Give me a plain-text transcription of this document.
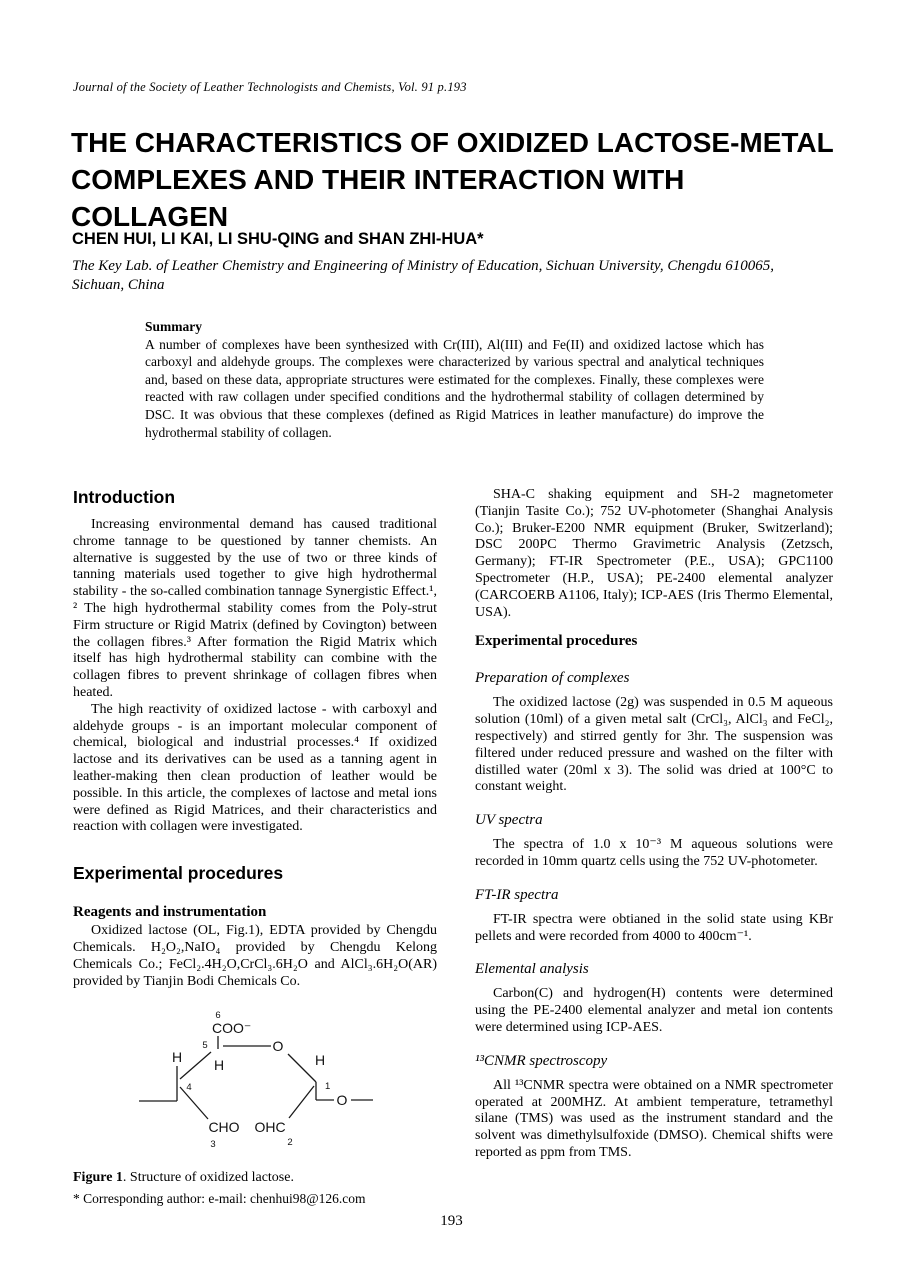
Journal of the Society of Leather Technologists and Chemists, Vol. 91 p.193
THE CHARACTERISTICS OF OXIDIZED LACTOSE-METAL COMPLEXES AND THEIR INTERACTION WITH COLLAGEN
CHEN HUI, LI KAI, LI SHU-QING and SHAN ZHI-HUA*
The Key Lab. of Leather Chemistry and Engineering of Ministry of Education, Sichuan University, Chengdu 610065, Sichuan, China
Summary
A number of complexes have been synthesized with Cr(III), Al(III) and Fe(II) and oxidized lactose which has carboxyl and aldehyde groups. The complexes were characterized by various spectral and analytical techniques and, based on these data, appropriate structures were estimated for the complexes. Finally, these complexes were reacted with raw collagen under specified conditions and the hydrothermal stability of collagen determined by DSC. It was obvious that these complexes (defined as Rigid Matrices in leather manufacture) do improve the hydrothermal stability of collagen.
Introduction

Increasing environmental demand has caused traditional chrome tannage to be questioned by tanner chemists. An alternative is suggested by the use of two or three kinds of tanning materials used together to give high hydrothermal stability - the so-called combination tannage Synergistic Effect.¹, ² The high hydrothermal stability comes from the Poly-strut Firm structure or Rigid Matrix (defined by Covington) between the collagen fibres.³ After formation the Rigid Matrix which itself has high hydrothermal stability can combine with the collagen fibres to prevent shrinkage of collagen fibres when heated.

The high reactivity of oxidized lactose - with carboxyl and aldehyde groups - is an important molecular component of chemical, biological and industrial processes.⁴ If oxidized lactose and its derivatives can be used as a tanning agent in leather-making then clean production of leather would be possible. In this article, the complexes of lactose and metal ions were defined as Rigid Matrices, and their characteristics and reaction with collagen were investigated.

Experimental procedures
Reagents and instrumentation

Oxidized lactose (OL, Fig.1), EDTA provided by Chengdu Chemicals. H₂O₂,NaIO₄ provided by Chengdu Kelong Chemicals Co.; FeCl₂.4H₂O,CrCl₃.6H₂O and AlCl₃.6H₂O(AR) provided by Tianjin Bodi Chemicals Co.

6
COO⁻
5
H
O
H
1
O
H
4
CHO
3
OHC
2

Figure 1. Structure of oxidized lactose.

* Corresponding author: e-mail: chenhui98@126.com

SHA-C shaking equipment and SH-2 magnetometer (Tianjin Tasite Co.); 752 UV-photometer (Shanghai Analysis Co.); Bruker-E200 NMR equipment (Bruker, Switzerland); DSC 200PC Thermo Gravimetric Analysis (Zetzsch, Germany); FT-IR Spectrometer (P.E., USA); GPC1100 Spectrometer (H.P., USA); PE-2400 elemental analyzer (CARCOERB A1106, Italy); ICP-AES (Iris Thermo Elemental, USA).

Experimental procedures
Preparation of complexes

The oxidized lactose (2g) was suspended in 0.5 M aqueous solution (10ml) of a given metal salt (CrCl₃, AlCl₃ and FeCl₂, respectively) and stirred gently for 3hr. The suspension was filtered under reduced pressure and washed on the filter with distilled water (20ml x 3). The solid was dried at 100°C to constant weight.

UV spectra

The spectra of 1.0 x 10⁻³ M aqueous solutions were recorded in 10mm quartz cells using the 752 UV-photometer.

FT-IR spectra

FT-IR spectra were obtianed in the solid state using KBr pellets and were recorded from 4000 to 400cm⁻¹.

Elemental analysis

Carbon(C) and hydrogen(H) contents were determined using the PE-2400 elemental analyzer and metal ion contents were determined using ICP-AES.

¹³CNMR spectroscopy

All ¹³CNMR spectra were obtained on a NMR spectrometer operated at 200MHZ. At ambient temperature, tetramethyl silane (TMS) was used as the instrument standard and the solvent was dimethylsulfoxide (DMSO). Chemical shifts were reported as ppm from TMS.

193
